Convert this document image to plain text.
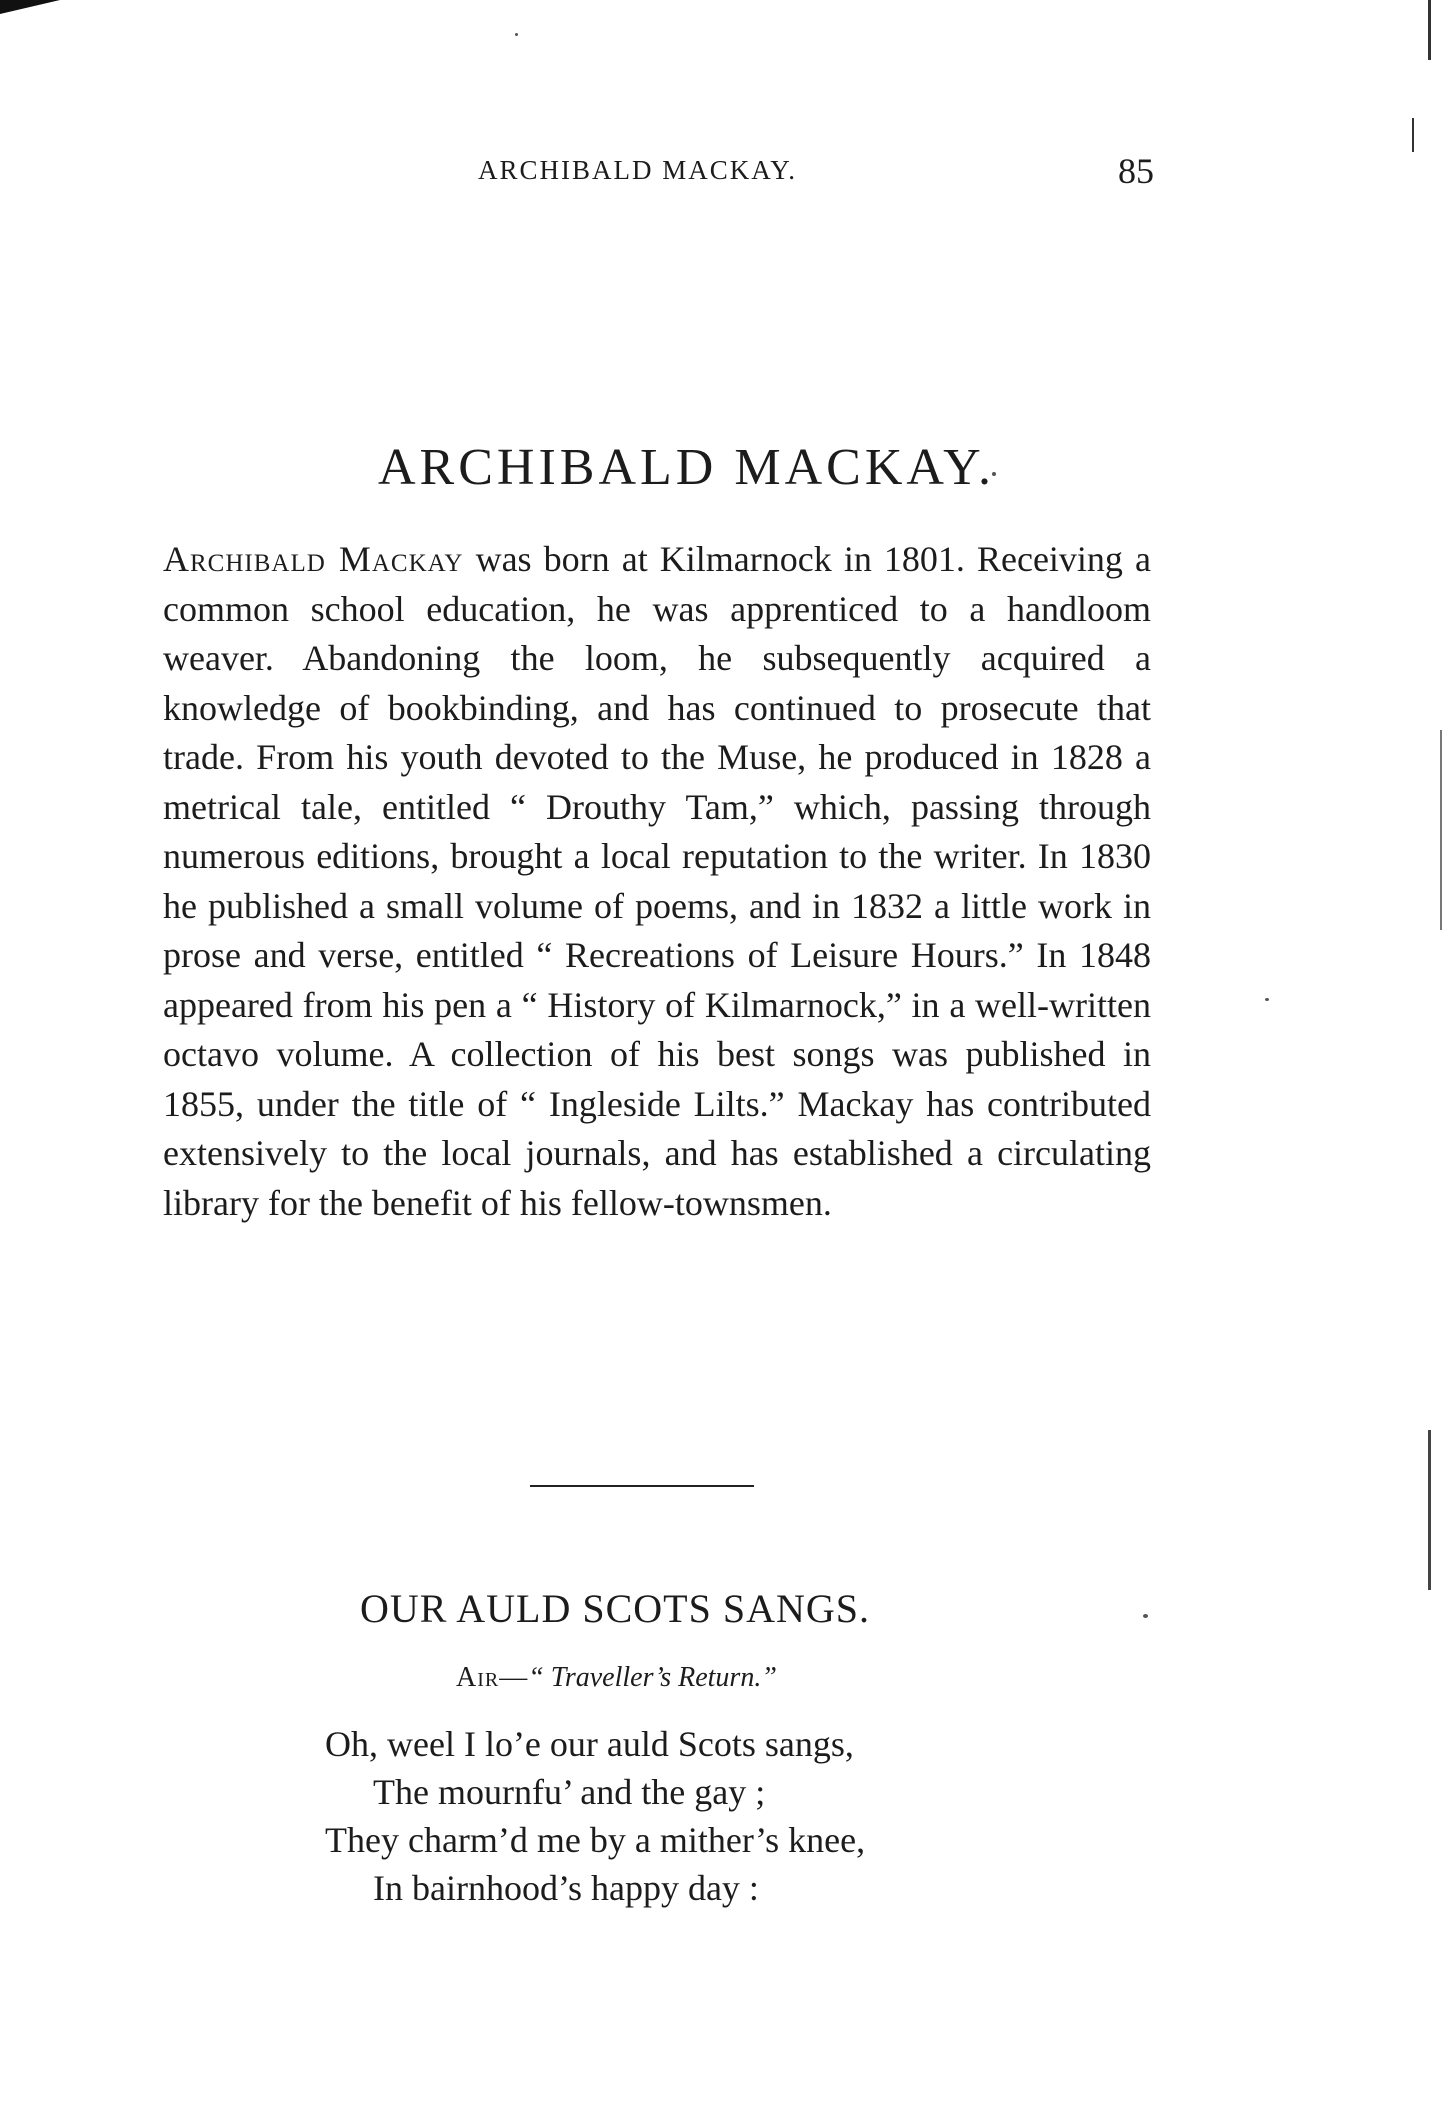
ARCHIBALD MACKAY.	85
ARCHIBALD MACKAY.

Archibald Mackay was born at Kilmarnock in 1801. Receiving a common school education, he was apprenticed to a handloom weaver. Abandoning the loom, he subsequently acquired a knowledge of bookbinding, and has continued to prosecute that trade. From his youth devoted to the Muse, he produced in 1828 a metrical tale, entitled “ Drouthy Tam,” which, passing through numerous editions, brought a local reputation to the writer. In 1830 he published a small volume of poems, and in 1832 a little work in prose and verse, entitled “ Recreations of Leisure Hours.” In 1848 appeared from his pen a “ History of Kilmarnock,” in a well-written octavo volume. A collection of his best songs was published in 1855, under the title of “ Ingleside Lilts.” Mackay has contributed extensively to the local journals, and has established a circulating library for the benefit of his fellow-townsmen.

OUR AULD SCOTS SANGS.

Air—“ Traveller’s Return.”

Oh, weel I lo’e our auld Scots sangs,
The mournfu’ and the gay ;
They charm’d me by a mither’s knee,
In bairnhood’s happy day :
